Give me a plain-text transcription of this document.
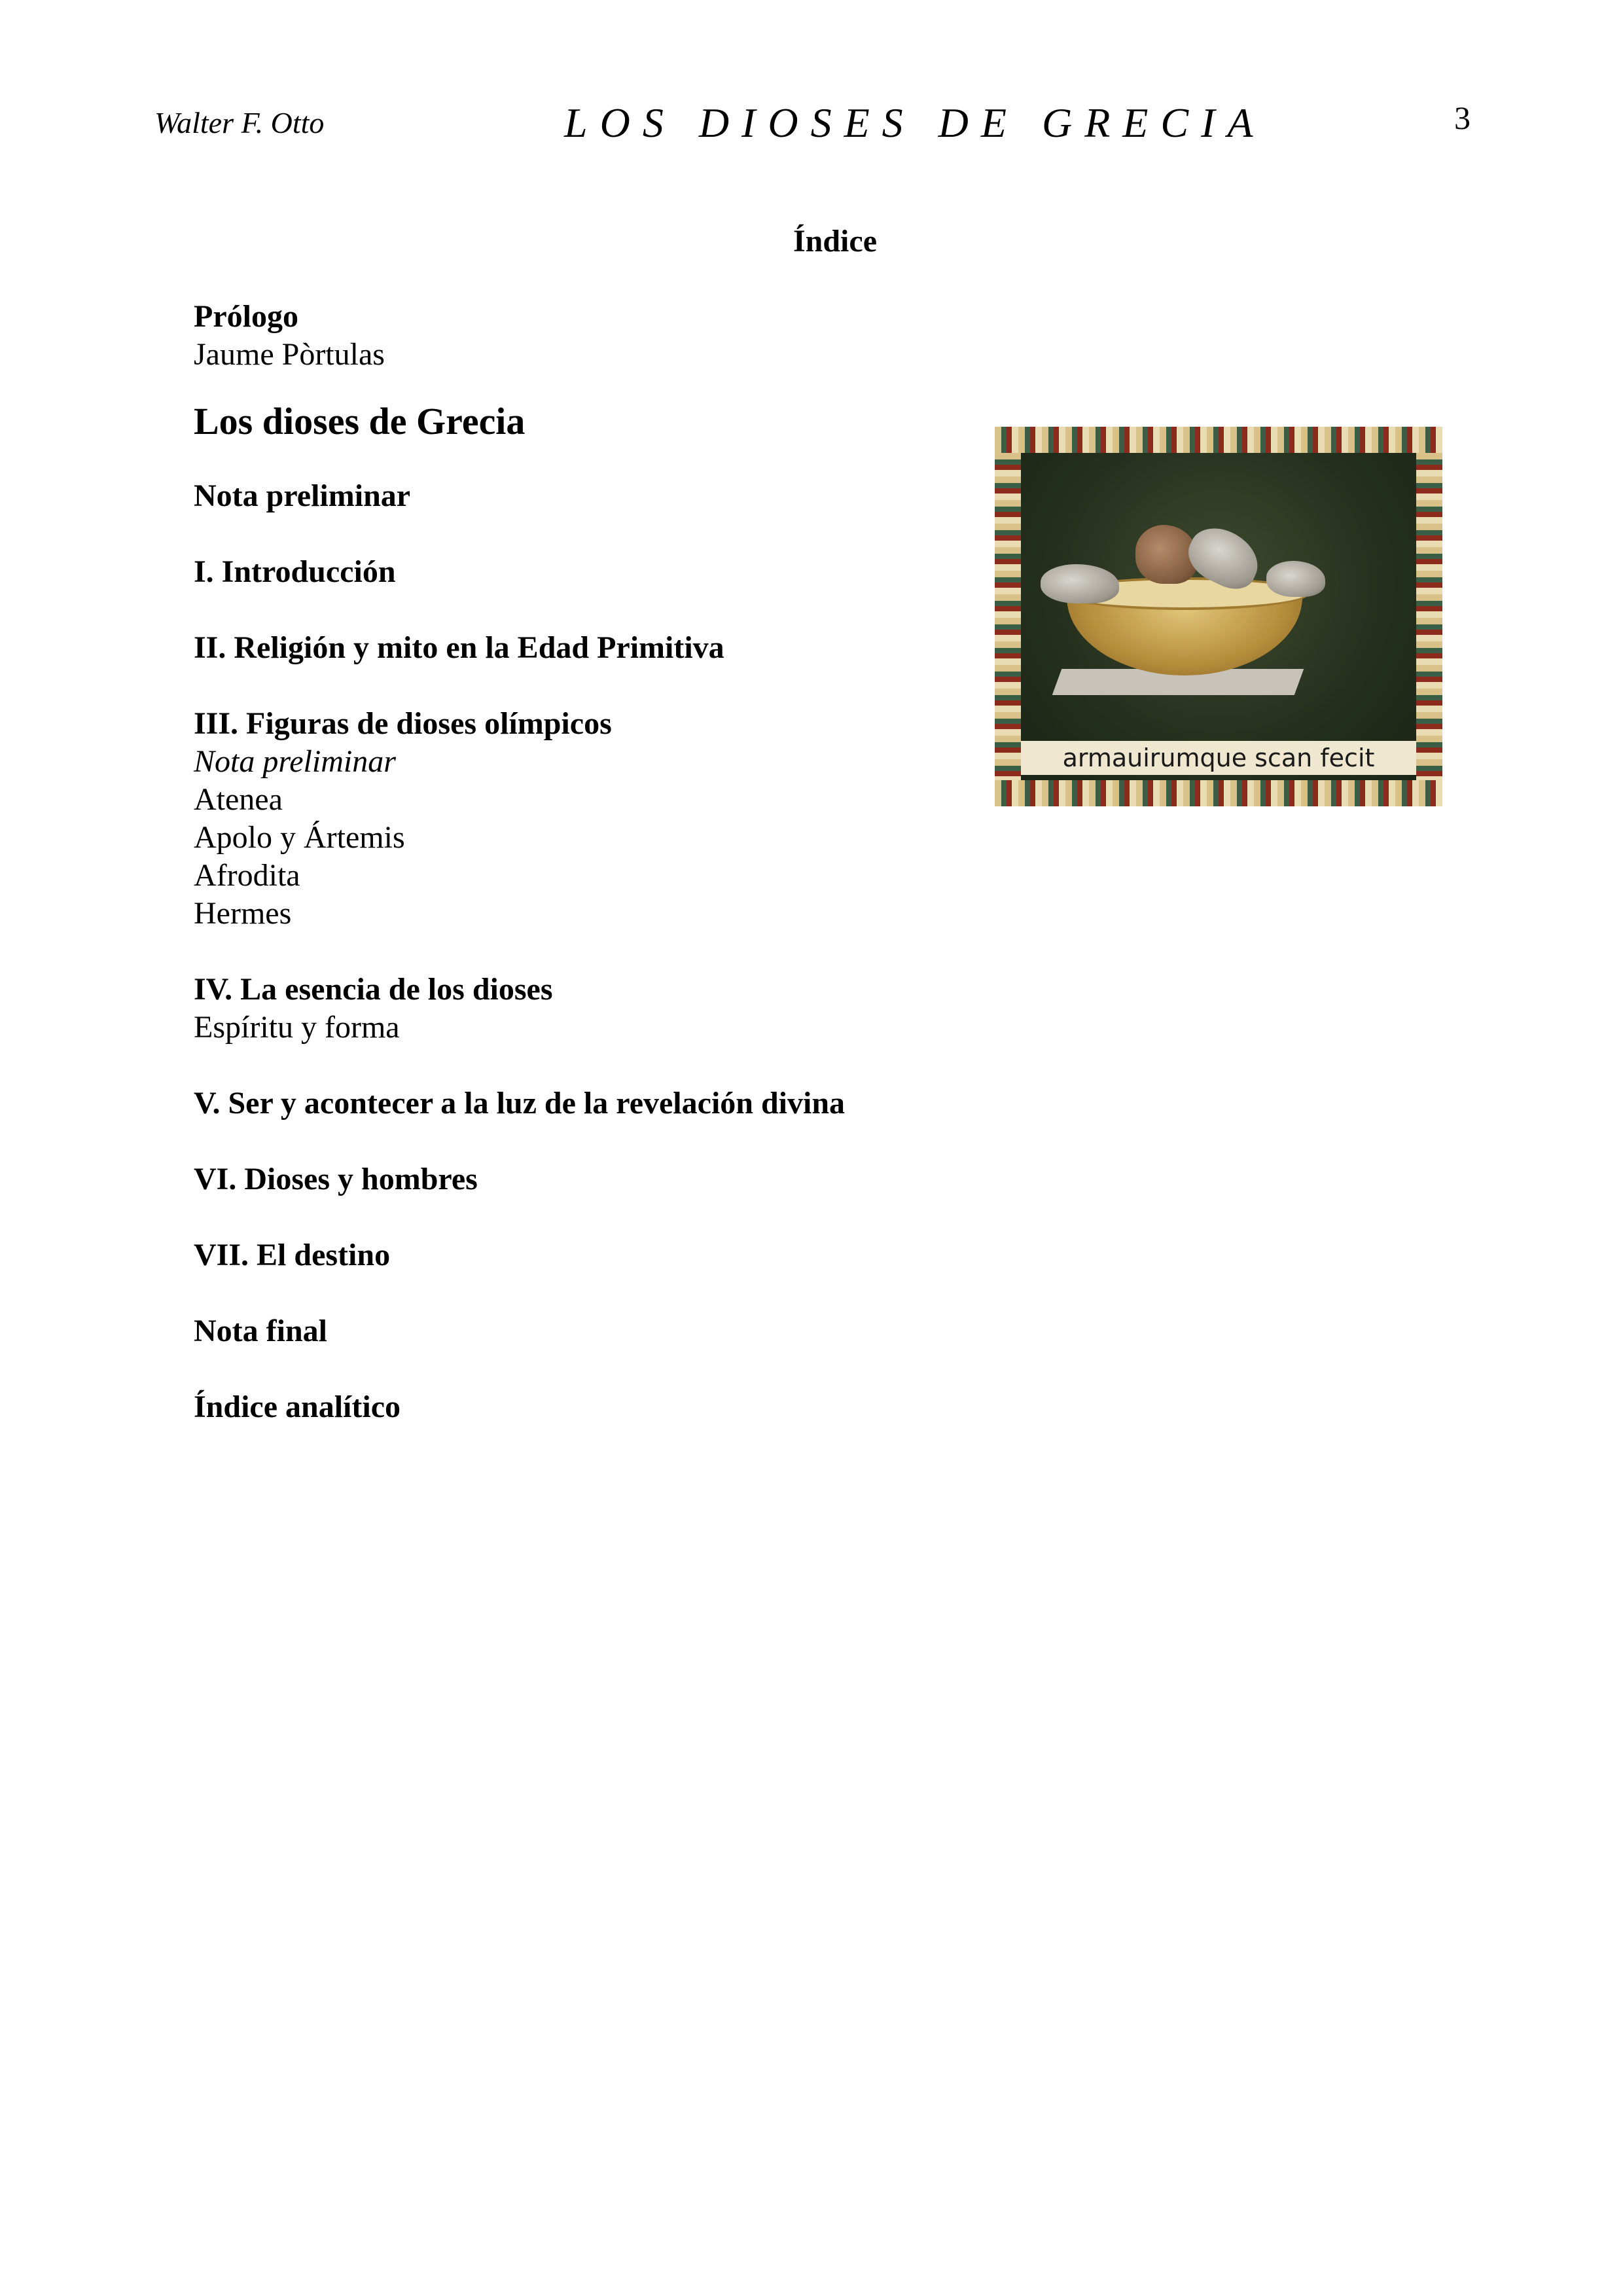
Walter F. Otto	LOS DIOSES DE GRECIA	3
Índice

Prólogo

Jaume Pòrtulas

Los dioses de Grecia

Nota preliminar

I. Introducción

II. Religión y mito en la Edad Primitiva

III. Figuras de dioses olímpicos

Nota preliminar

Atenea

Apolo y Ártemis

Afrodita

Hermes

IV. La esencia de los dioses

Espíritu y forma

V. Ser y acontecer a la luz de la revelación divina

VI. Dioses y hombres

VII. El destino

Nota final

Índice analítico

armauirumque scan fecit
